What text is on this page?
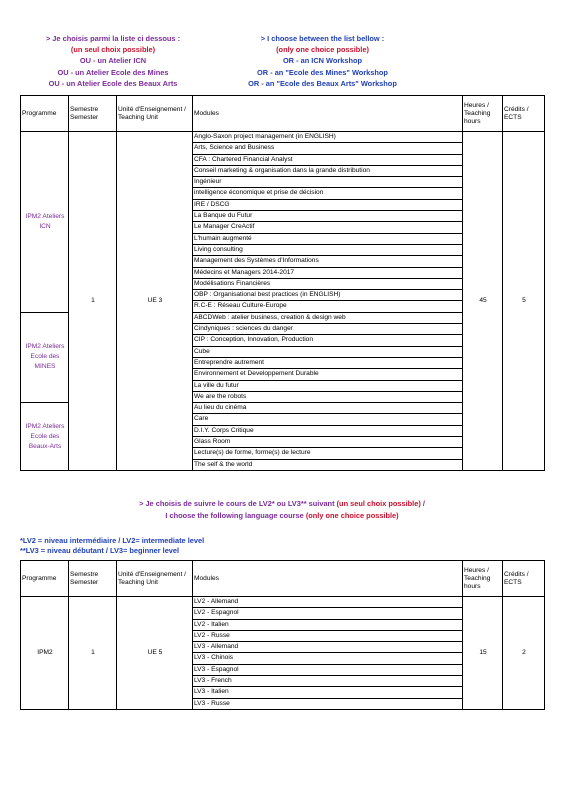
> Je choisis parmi la liste ci dessous :
(un seul choix possible)
OU - un Atelier ICN
OU - un Atelier Ecole des Mines
OU - un Atelier Ecole des Beaux Arts
> I choose between the list bellow :
(only one choice possible)
OR - an ICN Workshop
OR - an "Ecole des Mines" Workshop
OR - an "Ecole des Beaux Arts" Workshop
Programme	Semestre Semester	Unité d'Enseignement / Teaching Unit	Modules	Heures / Teaching hours	Crédits / ECTS
IPM2 Ateliers ICN	1	UE 3	Anglo-Saxon project management (in ENGLISH)	45	5
			Arts, Science and Business		
			CFA : Chartered Financial Analyst		
			Conseil marketing & organisation dans la grande distribution		
			Ingénieur		
			intelligence économique et prise de décision		
			IRE / DSCG		
			La Banque du Futur		
			Le Manager CreActif		
			L'humain augmenté		
			Living consulting		
			Management des Systèmes d'Informations		
			Médecins et Managers 2014-2017		
			Modélisations Financières		
			OBP : Organisational best practices (in ENGLISH)		
			R.C-E : Réseau Culture-Europe		
IPM2 Ateliers Ecole des MINES			ABCDWeb : atelier business, creation & design web		
			Cindyniques : sciences du danger		
			CIP : Conception, Innovation, Production		
			Cube		
			Entreprendre autrement		
			Environnement et Developpement Durable		
			La ville du futur		
			We are the robots		
IPM2 Ateliers Ecole des Beaux-Arts			Au lieu du cinéma		
			Care		
			D.I.Y. Corps Critique		
			Glass Room		
			Lecture(s) de forme, forme(s) de lecture		
			The self & the world		
> Je choisis de suivre le cours de LV2* ou LV3** suivant (un seul choix possible) /
I choose the following language course (only one choice possible)
*LV2 = niveau intermédiaire / LV2= intermediate level
**LV3 = niveau débutant / LV3= beginner level
Programme	Semestre Semester	Unité d'Enseignement / Teaching Unit	Modules	Heures / Teaching hours	Crédits / ECTS
IPM2	1	UE 5	LV2 - Allemand	15	2
			LV2 - Espagnol		
			LV2 - Italien		
			LV2 - Russe		
			LV3 - Allemand		
			LV3 - Chinois		
			LV3 - Espagnol		
			LV3 - French		
			LV3 - Italien		
			LV3 - Russe		
